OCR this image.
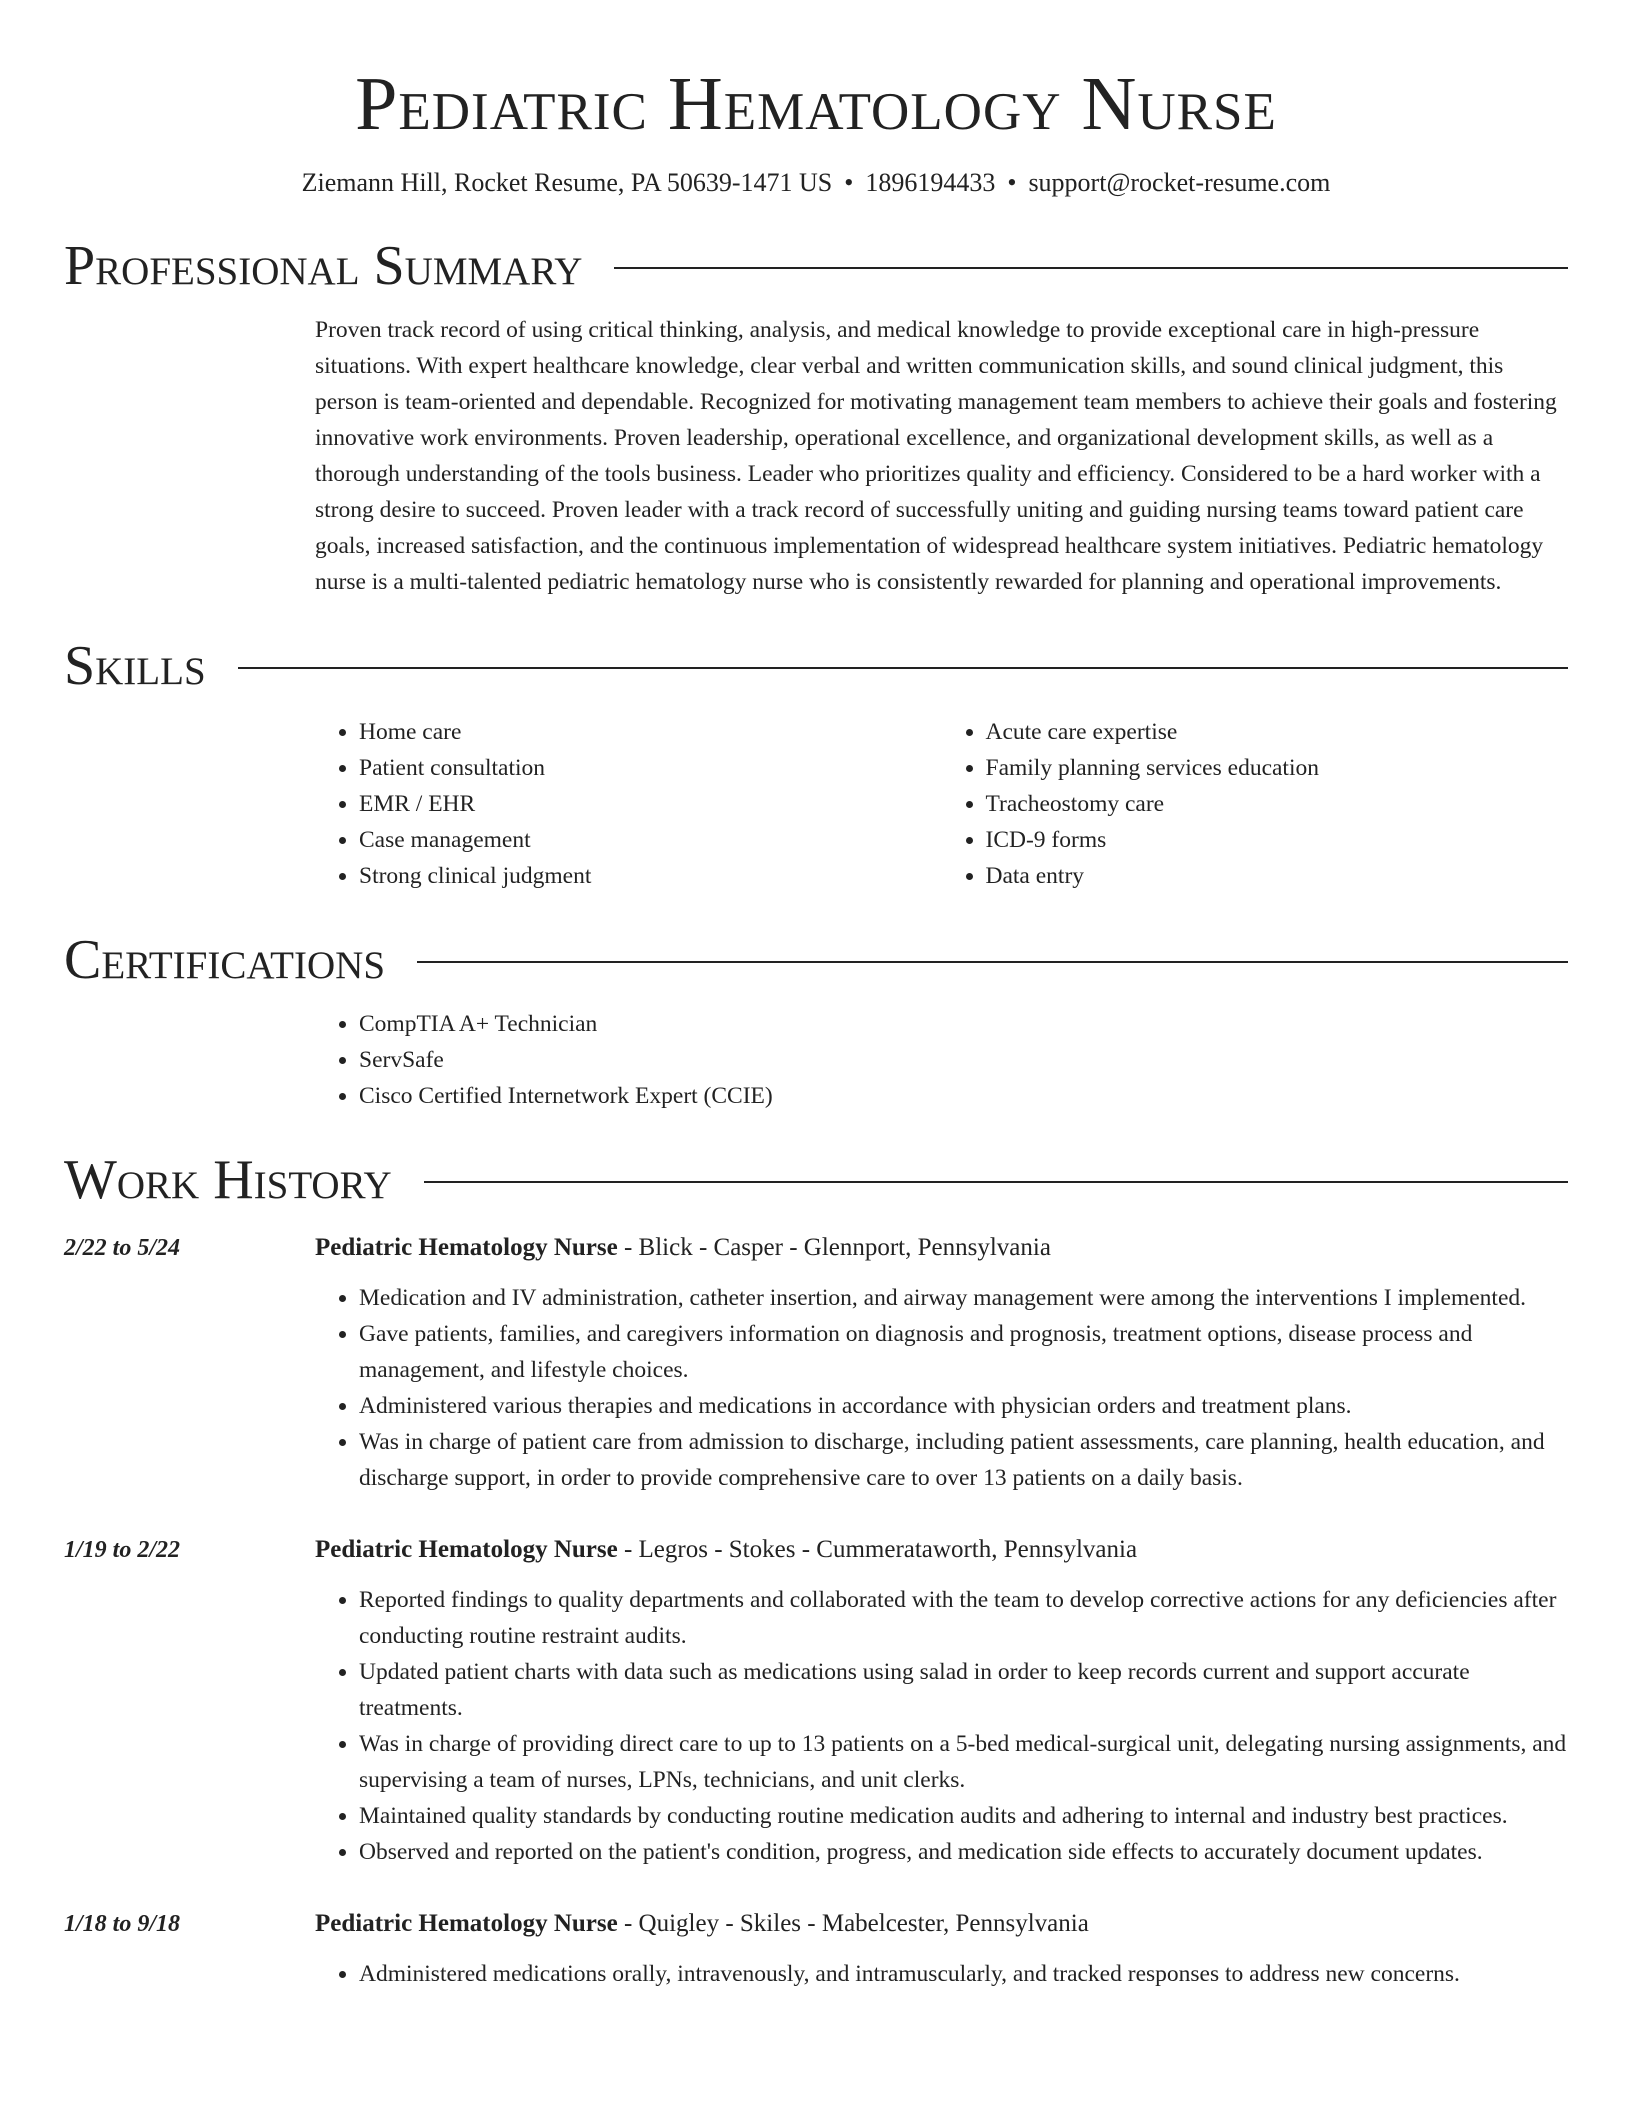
Pediatric Hematology Nurse
Ziemann Hill, Rocket Resume, PA 50639-1471 US • 1896194433 • support@rocket-resume.com
Professional Summary

Proven track record of using critical thinking, analysis, and medical knowledge to provide exceptional care in high-pressure situations. With expert healthcare knowledge, clear verbal and written communication skills, and sound clinical judgment, this person is team-oriented and dependable. Recognized for motivating management team members to achieve their goals and fostering innovative work environments. Proven leadership, operational excellence, and organizational development skills, as well as a thorough understanding of the tools business. Leader who prioritizes quality and efficiency. Considered to be a hard worker with a strong desire to succeed. Proven leader with a track record of successfully uniting and guiding nursing teams toward patient care goals, increased satisfaction, and the continuous implementation of widespread healthcare system initiatives. Pediatric hematology nurse is a multi-talented pediatric hematology nurse who is consistently rewarded for planning and operational improvements.

Skills
• Home care
• Patient consultation
• EMR / EHR
• Case management
• Strong clinical judgment
• Acute care expertise
• Family planning services education
• Tracheostomy care
• ICD-9 forms
• Data entry
Certifications
• CompTIA A+ Technician
• ServSafe
• Cisco Certified Internetwork Expert (CCIE)
Work History
2/22 to 5/24	Pediatric Hematology Nurse - Blick - Casper - Glennport, Pennsylvania
• Medication and IV administration, catheter insertion, and airway management were among the interventions I implemented.
• Gave patients, families, and caregivers information on diagnosis and prognosis, treatment options, disease process and management, and lifestyle choices.
• Administered various therapies and medications in accordance with physician orders and treatment plans.
• Was in charge of patient care from admission to discharge, including patient assessments, care planning, health education, and discharge support, in order to provide comprehensive care to over 13 patients on a daily basis.
1/19 to 2/22	Pediatric Hematology Nurse - Legros - Stokes - Cummerataworth, Pennsylvania
• Reported findings to quality departments and collaborated with the team to develop corrective actions for any deficiencies after conducting routine restraint audits.
• Updated patient charts with data such as medications using salad in order to keep records current and support accurate treatments.
• Was in charge of providing direct care to up to 13 patients on a 5-bed medical-surgical unit, delegating nursing assignments, and supervising a team of nurses, LPNs, technicians, and unit clerks.
• Maintained quality standards by conducting routine medication audits and adhering to internal and industry best practices.
• Observed and reported on the patient's condition, progress, and medication side effects to accurately document updates.
1/18 to 9/18	Pediatric Hematology Nurse - Quigley - Skiles - Mabelcester, Pennsylvania
• Administered medications orally, intravenously, and intramuscularly, and tracked responses to address new concerns.
